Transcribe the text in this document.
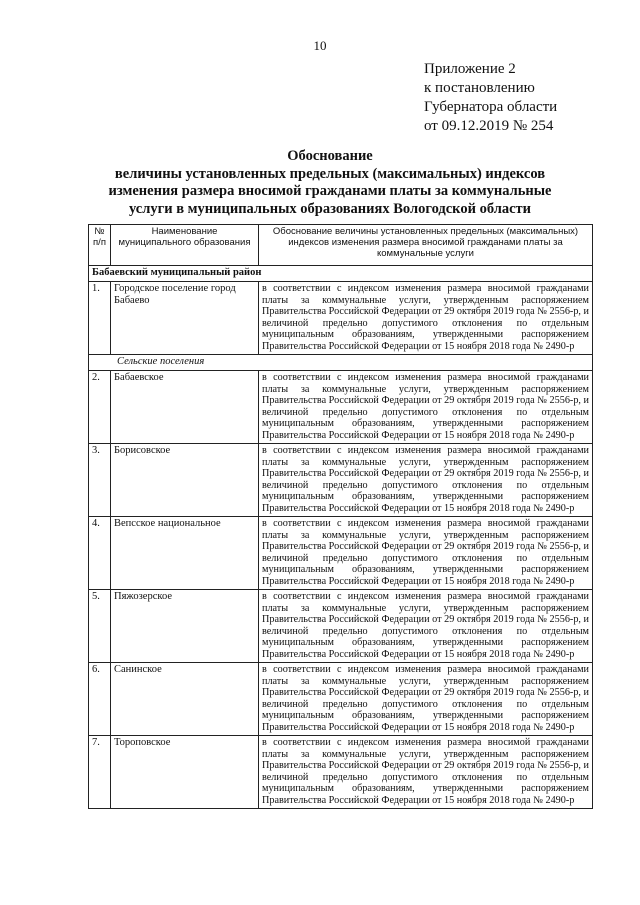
10
Приложение 2
к постановлению
Губернатора области
от 09.12.2019 № 254
Обоснование
величины установленных предельных (максимальных) индексов
изменения размера вносимой гражданами платы за коммунальные
услуги в муниципальных образованиях Вологодской области
№ п/п	Наименование муниципального образования	Обоснование величины установленных предельных (максимальных) индексов изменения размера вносимой гражданами платы за коммунальные услуги
Бабаевский муниципальный район		
1.	Городское поселение город Бабаево	в соответствии с индексом изменения размера вносимой гражданами платы за коммунальные услуги, утвержденным распоряжением Правительства Российской Федерации от 29 октября 2019 года № 2556-р, и величиной предельно допустимого отклонения по отдельным муниципальным образованиям, утвержденными распоряжением Правительства Российской Федерации от 15 ноября 2018 года № 2490-р
Сельские поселения		
2.	Бабаевское	в соответствии с индексом изменения размера вносимой гражданами платы за коммунальные услуги, утвержденным распоряжением Правительства Российской Федерации от 29 октября 2019 года № 2556-р, и величиной предельно допустимого отклонения по отдельным муниципальным образованиям, утвержденными распоряжением Правительства Российской Федерации от 15 ноября 2018 года № 2490-р
3.	Борисовское	в соответствии с индексом изменения размера вносимой гражданами платы за коммунальные услуги, утвержденным распоряжением Правительства Российской Федерации от 29 октября 2019 года № 2556-р, и величиной предельно допустимого отклонения по отдельным муниципальным образованиям, утвержденными распоряжением Правительства Российской Федерации от 15 ноября 2018 года № 2490-р
4.	Вепсское национальное	в соответствии с индексом изменения размера вносимой гражданами платы за коммунальные услуги, утвержденным распоряжением Правительства Российской Федерации от 29 октября 2019 года № 2556-р, и величиной предельно допустимого отклонения по отдельным муниципальным образованиям, утвержденными распоряжением Правительства Российской Федерации от 15 ноября 2018 года № 2490-р
5.	Пяжозерское	в соответствии с индексом изменения размера вносимой гражданами платы за коммунальные услуги, утвержденным распоряжением Правительства Российской Федерации от 29 октября 2019 года № 2556-р, и величиной предельно допустимого отклонения по отдельным муниципальным образованиям, утвержденными распоряжением Правительства Российской Федерации от 15 ноября 2018 года № 2490-р
6.	Санинское	в соответствии с индексом изменения размера вносимой гражданами платы за коммунальные услуги, утвержденным распоряжением Правительства Российской Федерации от 29 октября 2019 года № 2556-р, и величиной предельно допустимого отклонения по отдельным муниципальным образованиям, утвержденными распоряжением Правительства Российской Федерации от 15 ноября 2018 года № 2490-р
7.	Тороповское	в соответствии с индексом изменения размера вносимой гражданами платы за коммунальные услуги, утвержденным распоряжением Правительства Российской Федерации от 29 октября 2019 года № 2556-р, и величиной предельно допустимого отклонения по отдельным муниципальным образованиям, утвержденными распоряжением Правительства Российской Федерации от 15 ноября 2018 года № 2490-р
